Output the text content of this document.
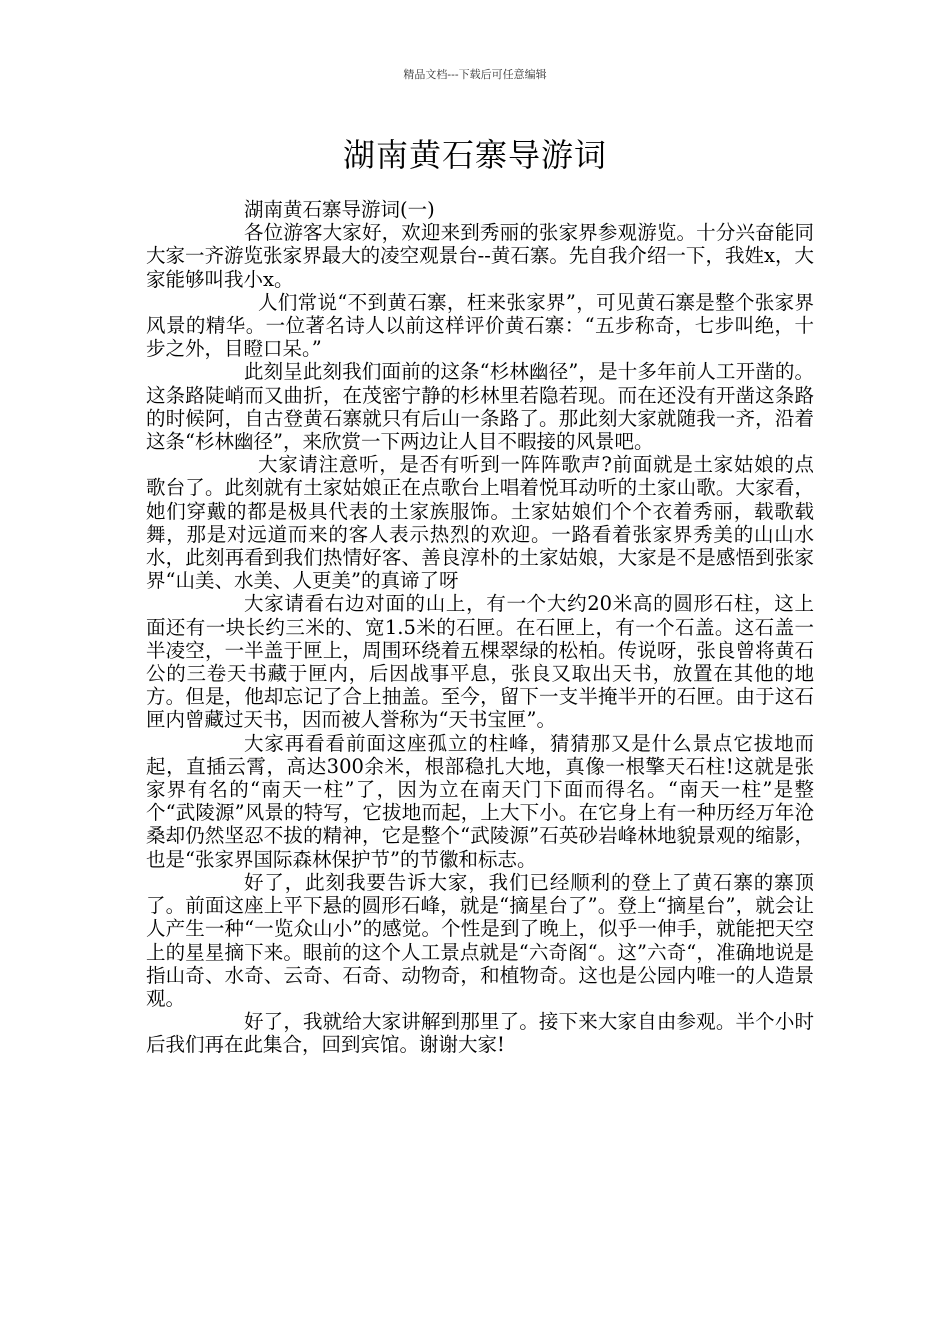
精品文档---下载后可任意编辑
湖南黄石寨导游词

湖南黄石寨导游词(一)

各位游客大家好，欢迎来到秀丽的张家界参观游览。十分兴奋能同大家一齐游览张家界最大的凌空观景台--黄石寨。先自我介绍一下，我姓x，大家能够叫我小x。

人们常说“不到黄石寨，枉来张家界”，可见黄石寨是整个张家界风景的精华。一位著名诗人以前这样评价黄石寨：“五步称奇，七步叫绝，十步之外，目瞪口呆。”

此刻呈此刻我们面前的这条“杉林幽径”，是十多年前人工开凿的。这条路陡峭而又曲折，在茂密宁静的杉林里若隐若现。而在还没有开凿这条路的时候阿，自古登黄石寨就只有后山一条路了。那此刻大家就随我一齐，沿着这条“杉林幽径”，来欣赏一下两边让人目不暇接的风景吧。

大家请注意听，是否有听到一阵阵歌声?前面就是土家姑娘的点歌台了。此刻就有土家姑娘正在点歌台上唱着悦耳动听的土家山歌。大家看，她们穿戴的都是极具代表的土家族服饰。土家姑娘们个个衣着秀丽，载歌载舞，那是对远道而来的客人表示热烈的欢迎。一路看着张家界秀美的山山水水，此刻再看到我们热情好客、善良淳朴的土家姑娘，大家是不是感悟到张家界“山美、水美、人更美”的真谛了呀

大家请看右边对面的山上，有一个大约20米高的圆形石柱，这上面还有一块长约三米的、宽1.5米的石匣。在石匣上，有一个石盖。这石盖一半凌空，一半盖于匣上，周围环绕着五棵翠绿的松柏。传说呀，张良曾将黄石公的三卷天书藏于匣内，后因战事平息，张良又取出天书，放置在其他的地方。但是，他却忘记了合上抽盖。至今，留下一支半掩半开的石匣。由于这石匣内曾藏过天书，因而被人誉称为“天书宝匣”。

大家再看看前面这座孤立的柱峰，猜猜那又是什么景点它拔地而起，直插云霄，高达300余米，根部稳扎大地，真像一根擎天石柱!这就是张家界有名的“南天一柱”了，因为立在南天门下面而得名。“南天一柱”是整个“武陵源”风景的特写，它拔地而起，上大下小。在它身上有一种历经万年沧桑却仍然坚忍不拔的精神，它是整个“武陵源”石英砂岩峰林地貌景观的缩影，也是“张家界国际森林保护节”的节徽和标志。

好了，此刻我要告诉大家，我们已经顺利的登上了黄石寨的寨顶了。前面这座上平下悬的圆形石峰，就是“摘星台了”。登上“摘星台”，就会让人产生一种“一览众山小”的感觉。个性是到了晚上，似乎一伸手，就能把天空上的星星摘下来。眼前的这个人工景点就是“六奇阁“。这”六奇“，准确地说是指山奇、水奇、云奇、石奇、动物奇，和植物奇。这也是公园内唯一的人造景观。

好了，我就给大家讲解到那里了。接下来大家自由参观。半个小时后我们再在此集合，回到宾馆。谢谢大家!
